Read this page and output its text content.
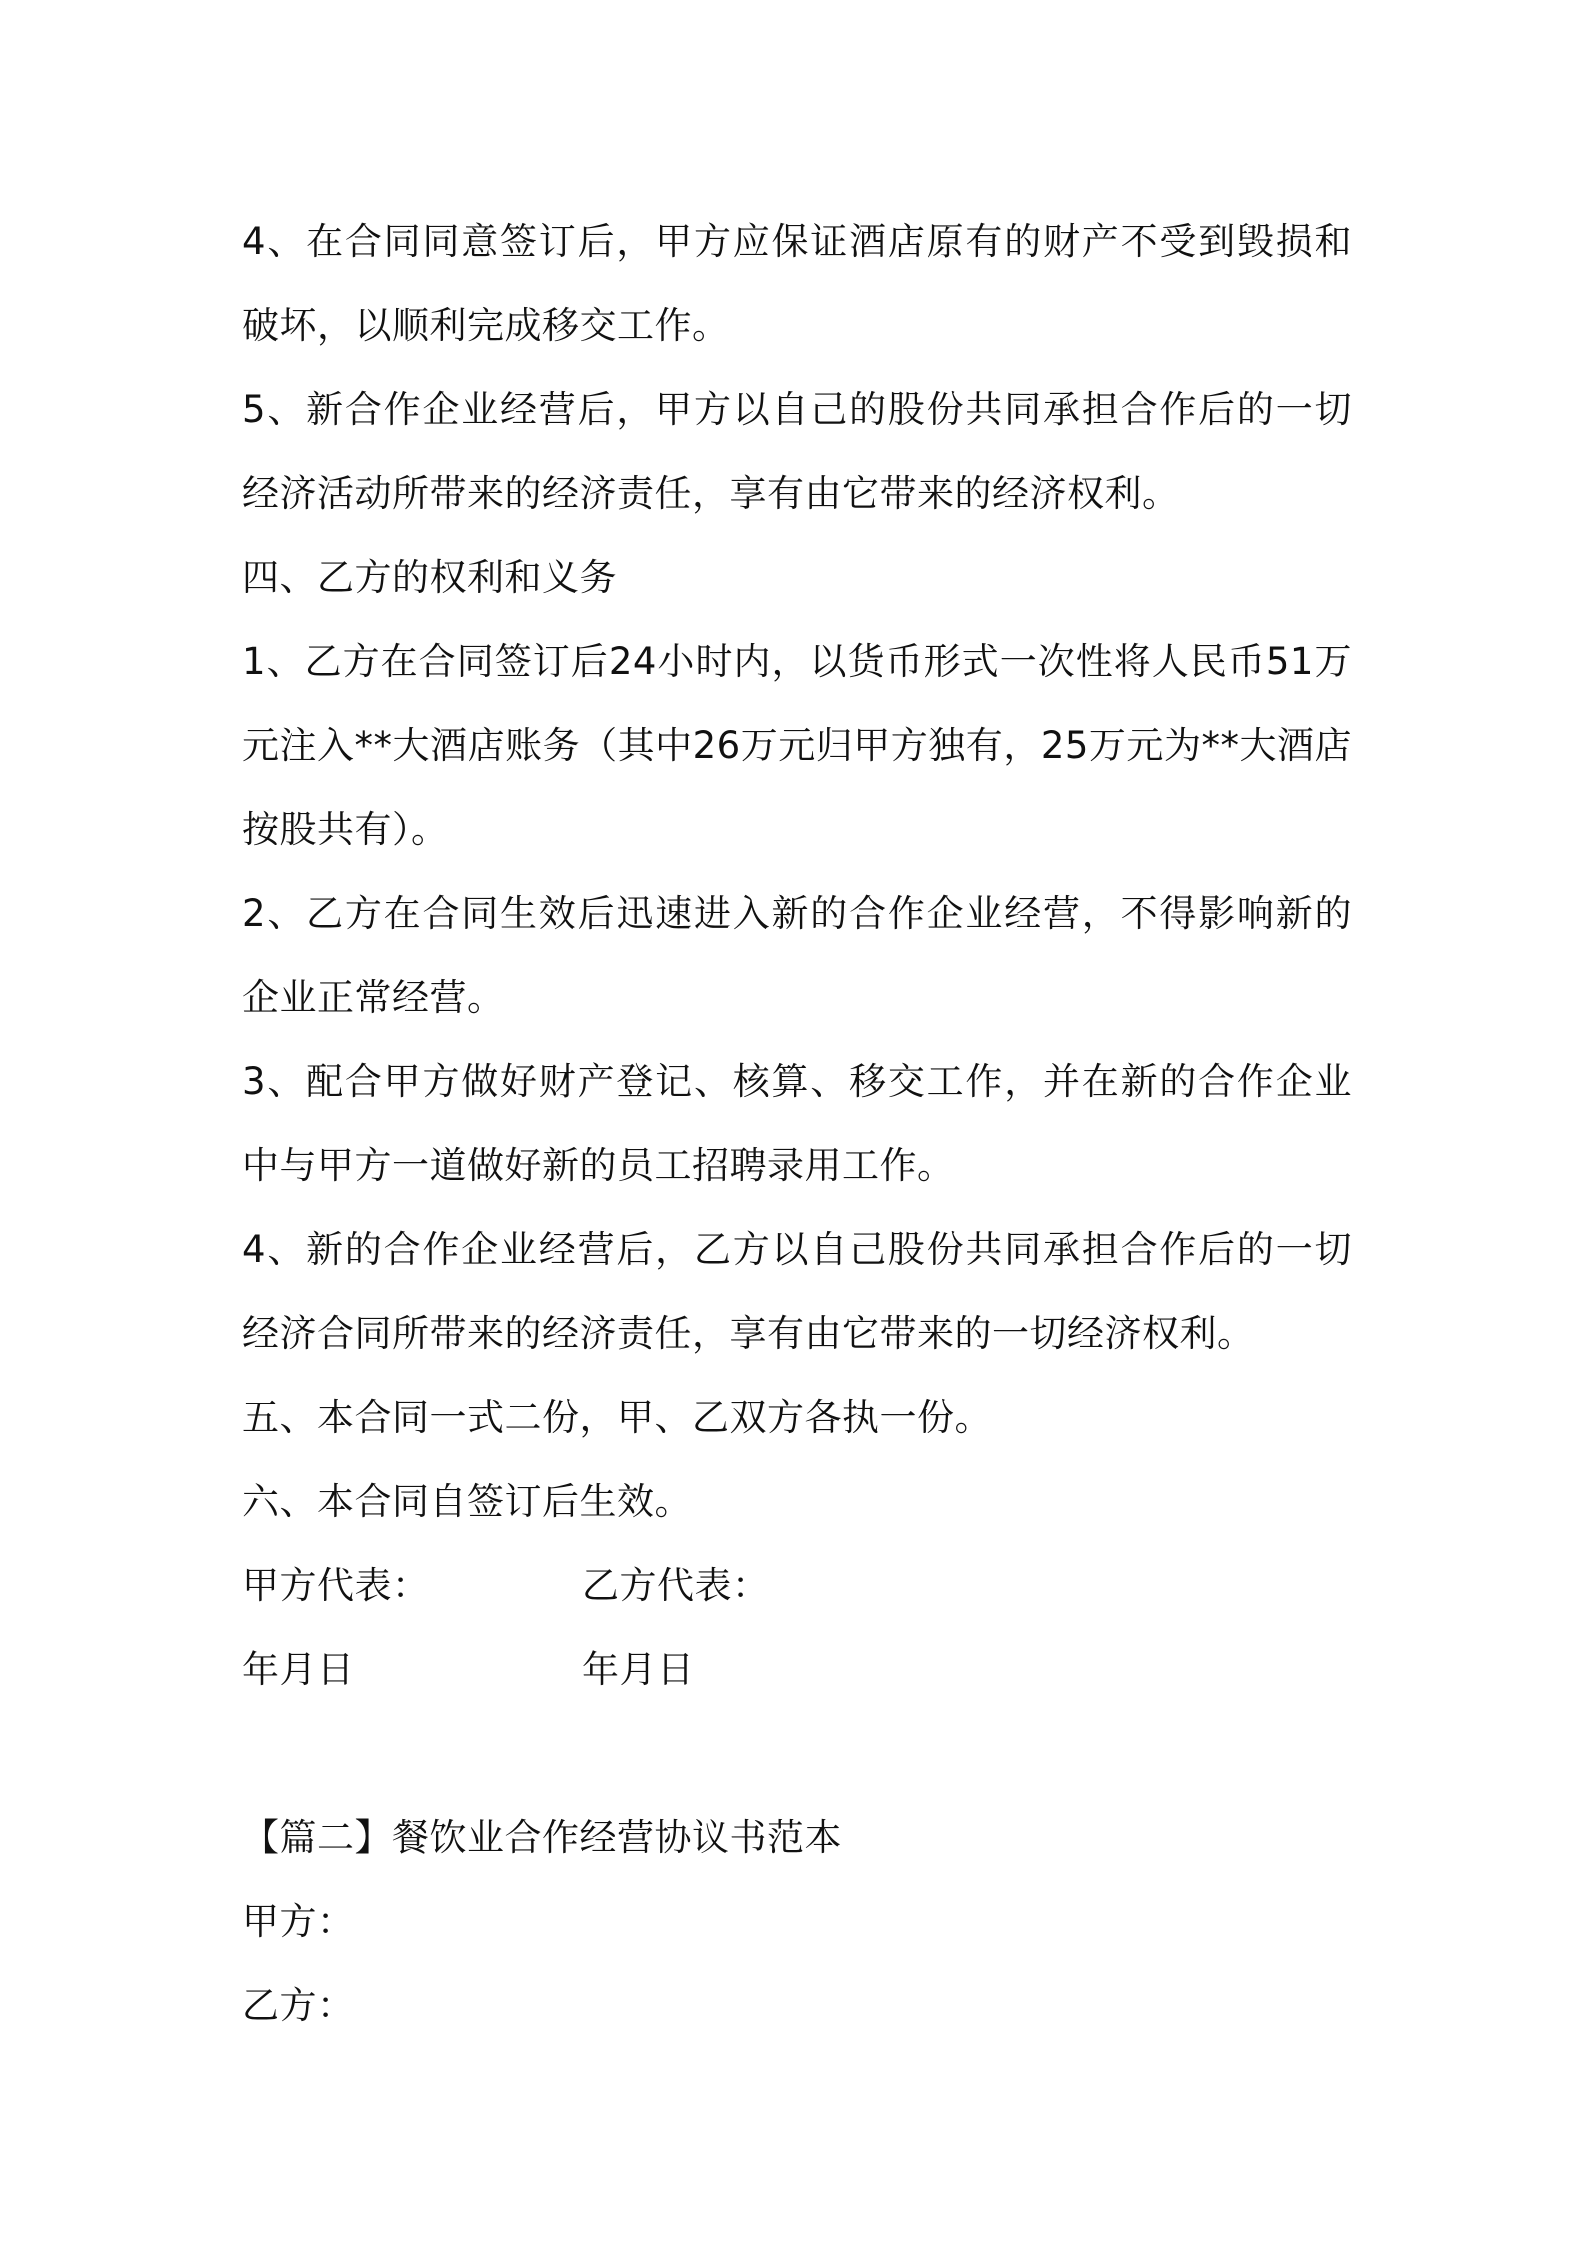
4、在合同同意签订后，甲方应保证酒店原有的财产不受到毁损和破坏，以顺利完成移交工作。

5、新合作企业经营后，甲方以自己的股份共同承担合作后的一切经济活动所带来的经济责任，享有由它带来的经济权利。

四、乙方的权利和义务

1、乙方在合同签订后24小时内，以货币形式一次性将人民币51万元注入**大酒店账务（其中26万元归甲方独有，25万元为**大酒店按股共有）。

2、乙方在合同生效后迅速进入新的合作企业经营，不得影响新的企业正常经营。

3、配合甲方做好财产登记、核算、移交工作，并在新的合作企业中与甲方一道做好新的员工招聘录用工作。

4、新的合作企业经营后，乙方以自己股份共同承担合作后的一切经济合同所带来的经济责任，享有由它带来的一切经济权利。

五、本合同一式二份，甲、乙双方各执一份。

六、本合同自签订后生效。

甲方代表：	乙方代表：
年月日	年月日

【篇二】餐饮业合作经营协议书范本

甲方：

乙方：
